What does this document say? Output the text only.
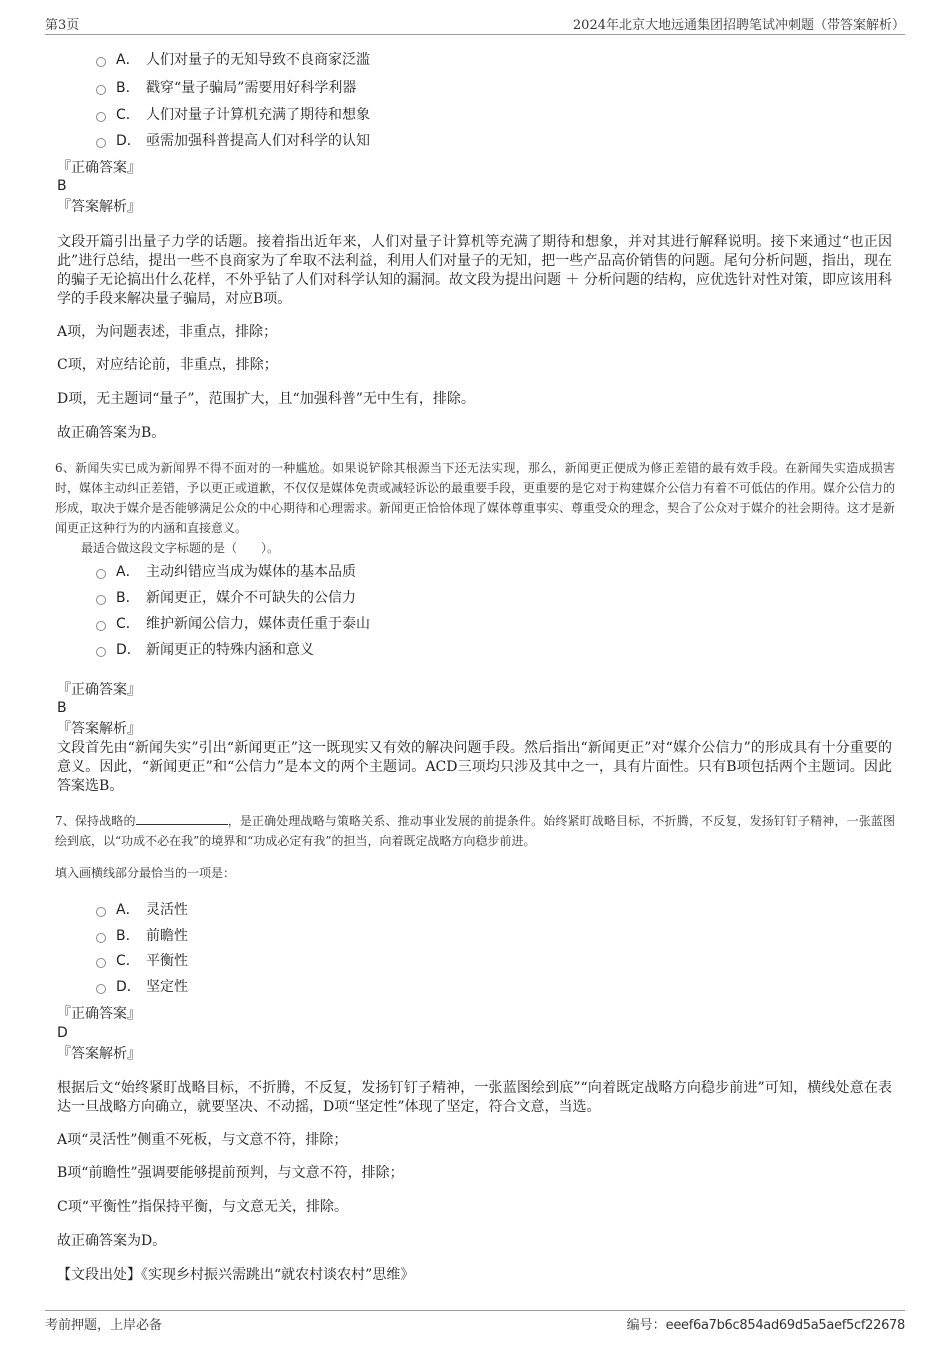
第3页	2024年北京大地远通集团招聘笔试冲刺题（带答案解析）
A． 人们对量子的无知导致不良商家泛滥
B． 戳穿“量子骗局”需要用好科学利器
C． 人们对量子计算机充满了期待和想象
D． 亟需加强科普提高人们对科学的认知
『正确答案』
B
『答案解析』
文段开篇引出量子力学的话题。接着指出近年来，人们对量子计算机等充满了期待和想象，并对其进行解释说明。接下来通过“也正因此”进行总结，提出一些不良商家为了牟取不法利益，利用人们对量子的无知，把一些产品高价销售的问题。尾句分析问题，指出，现在的骗子无论搞出什么花样，不外乎钻了人们对科学认知的漏洞。故文段为提出问题 ＋ 分析问题的结构，应优选针对性对策，即应该用科学的手段来解决量子骗局，对应B项。
A项，为问题表述，非重点，排除；
C项，对应结论前，非重点，排除；
D项，无主题词“量子”，范围扩大，且“加强科普”无中生有，排除。
故正确答案为B。
6、新闻失实已成为新闻界不得不面对的一种尴尬。如果说铲除其根源当下还无法实现，那么，新闻更正便成为修正差错的最有效手段。在新闻失实造成损害时，媒体主动纠正差错，予以更正或道歉，不仅仅是媒体免责或减轻诉讼的最重要手段，更重要的是它对于构建媒介公信力有着不可低估的作用。媒介公信力的形成，取决于媒介是否能够满足公众的中心期待和心理需求。新闻更正恰恰体现了媒体尊重事实、尊重受众的理念，契合了公众对于媒介的社会期待。这才是新闻更正这种行为的内涵和直接意义。
最适合做这段文字标题的是（　　）。
A． 主动纠错应当成为媒体的基本品质
B． 新闻更正，媒介不可缺失的公信力
C． 维护新闻公信力，媒体责任重于泰山
D． 新闻更正的特殊内涵和意义
『正确答案』
B
『答案解析』
文段首先由“新闻失实”引出“新闻更正”这一既现实又有效的解决问题手段。然后指出“新闻更正”对“媒介公信力”的形成具有十分重要的意义。因此，“新闻更正”和“公信力”是本文的两个主题词。ACD三项均只涉及其中之一，具有片面性。只有B项包括两个主题词。因此答案选B。
7、保持战略的	，是正确处理战略与策略关系、推动事业发展的前提条件。始终紧盯战略目标，不折腾，不反复，发扬钉钉子精神，一张蓝图绘到底，以“功成不必在我”的境界和“功成必定有我”的担当，向着既定战略方向稳步前进。
填入画横线部分最恰当的一项是：
A． 灵活性
B． 前瞻性
C． 平衡性
D． 坚定性
『正确答案』
D
『答案解析』
根据后文“始终紧盯战略目标，不折腾，不反复，发扬钉钉子精神，一张蓝图绘到底”“向着既定战略方向稳步前进”可知，横线处意在表达一旦战略方向确立，就要坚决、不动摇，D项“坚定性”体现了坚定，符合文意，当选。
A项“灵活性”侧重不死板，与文意不符，排除；
B项“前瞻性”强调要能够提前预判，与文意不符，排除；
C项“平衡性”指保持平衡，与文意无关，排除。
故正确答案为D。
【文段出处】《实现乡村振兴需跳出“就农村谈农村”思维》
考前押题，上岸必备	编号：eeef6a7b6c854ad69d5a5aef5cf22678
